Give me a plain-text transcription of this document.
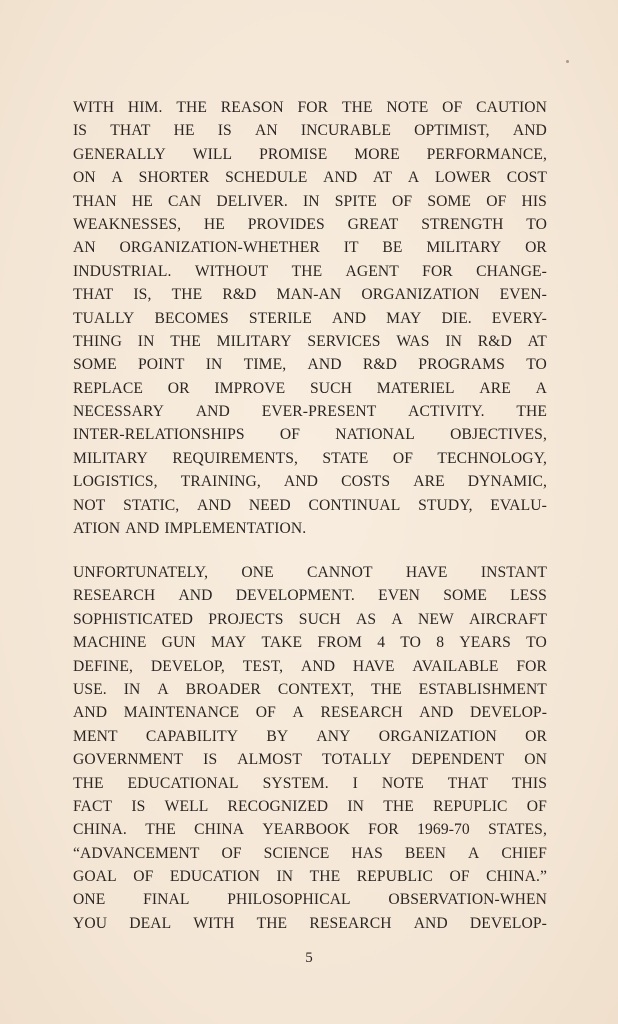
WITH HIM. THE REASON FOR THE NOTE OF CAUTION
IS THAT HE IS AN INCURABLE OPTIMIST, AND
GENERALLY WILL PROMISE MORE PERFORMANCE,
ON A SHORTER SCHEDULE AND AT A LOWER COST
THAN HE CAN DELIVER. IN SPITE OF SOME OF HIS
WEAKNESSES, HE PROVIDES GREAT STRENGTH TO
AN ORGANIZATION-WHETHER IT BE MILITARY OR
INDUSTRIAL. WITHOUT THE AGENT FOR CHANGE-
THAT IS, THE R&D MAN-AN ORGANIZATION EVEN-
TUALLY BECOMES STERILE AND MAY DIE. EVERY-
THING IN THE MILITARY SERVICES WAS IN R&D AT
SOME POINT IN TIME, AND R&D PROGRAMS TO
REPLACE OR IMPROVE SUCH MATERIEL ARE A
NECESSARY AND EVER-PRESENT ACTIVITY. THE
INTER-RELATIONSHIPS OF NATIONAL OBJECTIVES,
MILITARY REQUIREMENTS, STATE OF TECHNOLOGY,
LOGISTICS, TRAINING, AND COSTS ARE DYNAMIC,
NOT STATIC, AND NEED CONTINUAL STUDY, EVALU-
ATION AND IMPLEMENTATION.
UNFORTUNATELY, ONE CANNOT HAVE INSTANT
RESEARCH AND DEVELOPMENT. EVEN SOME LESS
SOPHISTICATED PROJECTS SUCH AS A NEW AIRCRAFT
MACHINE GUN MAY TAKE FROM 4 TO 8 YEARS TO
DEFINE, DEVELOP, TEST, AND HAVE AVAILABLE FOR
USE. IN A BROADER CONTEXT, THE ESTABLISHMENT
AND MAINTENANCE OF A RESEARCH AND DEVELOP-
MENT CAPABILITY BY ANY ORGANIZATION OR
GOVERNMENT IS ALMOST TOTALLY DEPENDENT ON
THE EDUCATIONAL SYSTEM. I NOTE THAT THIS
FACT IS WELL RECOGNIZED IN THE REPUPLIC OF
CHINA. THE CHINA YEARBOOK FOR 1969-70 STATES,
“ADVANCEMENT OF SCIENCE HAS BEEN A CHIEF
GOAL OF EDUCATION IN THE REPUBLIC OF CHINA.”
ONE FINAL PHILOSOPHICAL OBSERVATION-WHEN
YOU DEAL WITH THE RESEARCH AND DEVELOP-
5
